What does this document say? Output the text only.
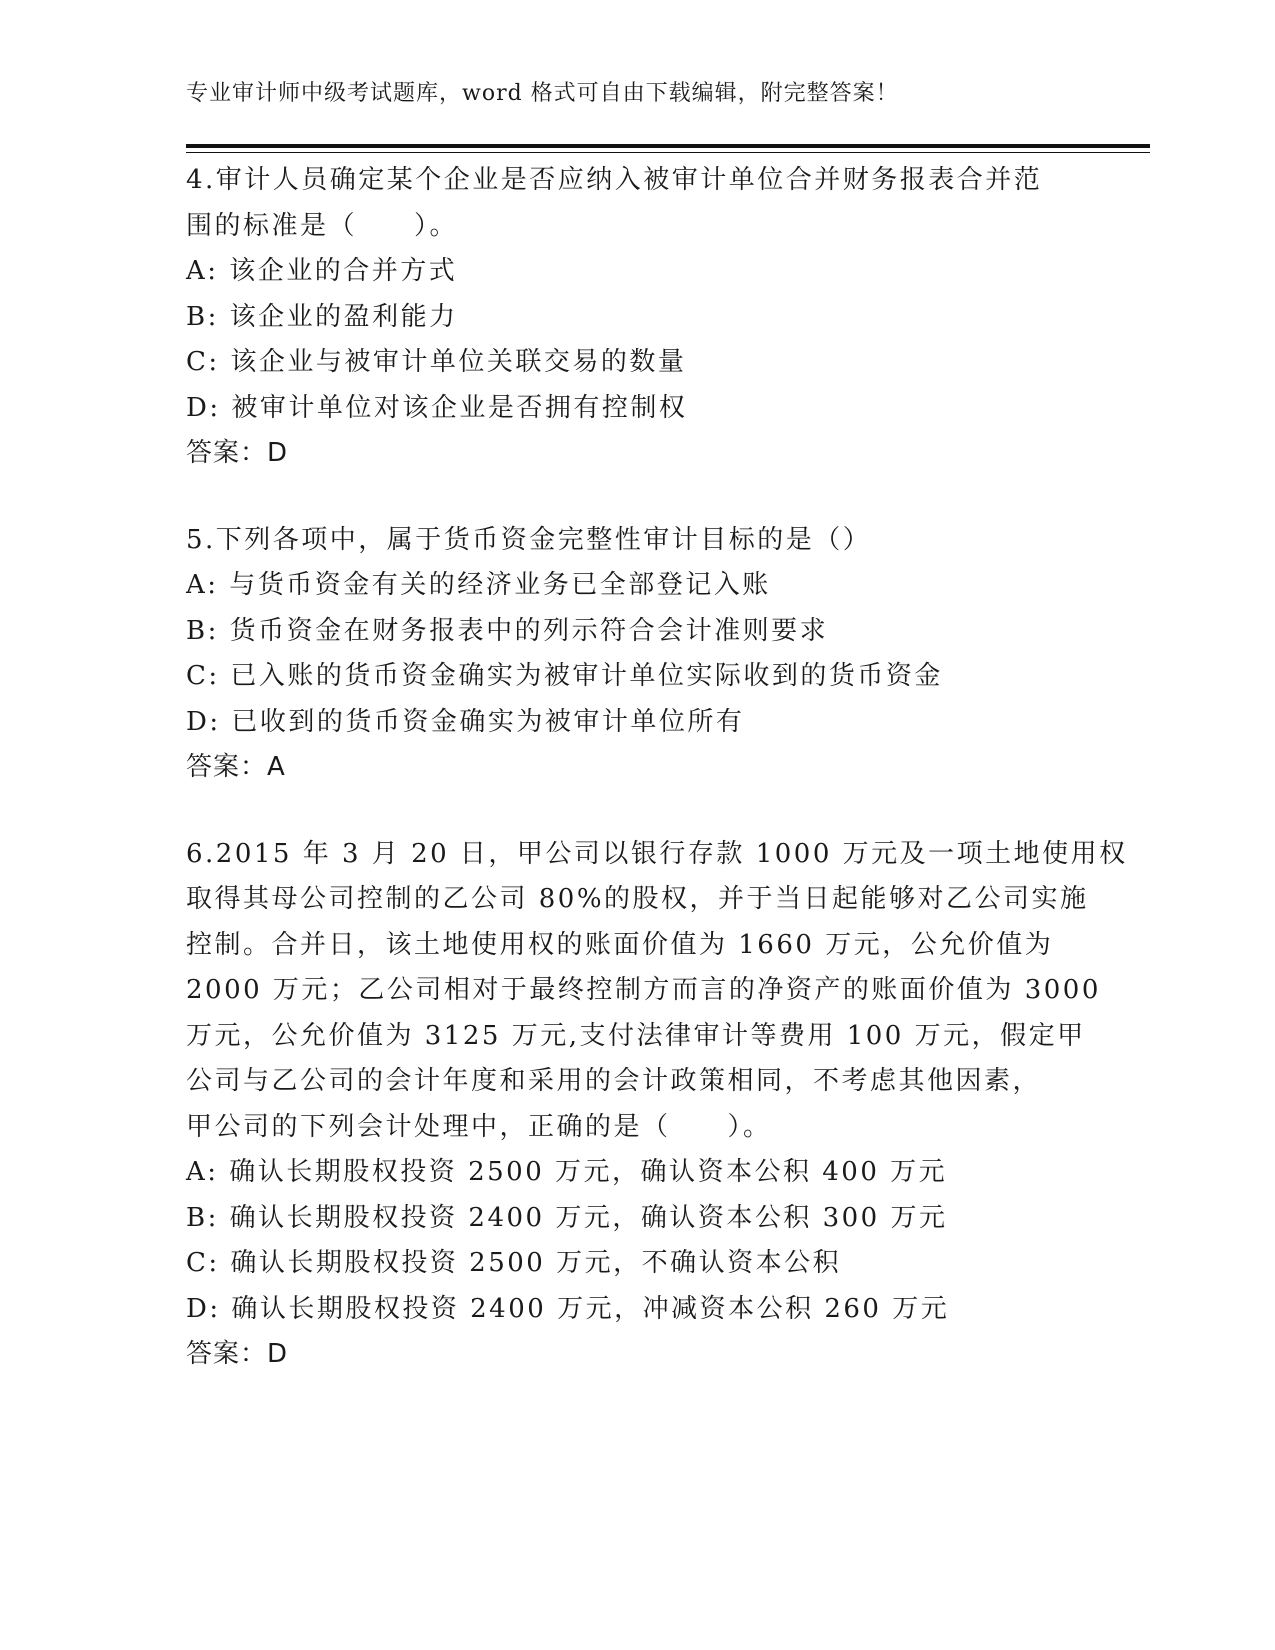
专业审计师中级考试题库，word 格式可自由下载编辑，附完整答案！
4.审计人员确定某个企业是否应纳入被审计单位合并财务报表合并范
围的标准是（　　）。
A: 该企业的合并方式
B: 该企业的盈利能力
C: 该企业与被审计单位关联交易的数量
D: 被审计单位对该企业是否拥有控制权
答案：D
5.下列各项中，属于货币资金完整性审计目标的是（）
A: 与货币资金有关的经济业务已全部登记入账
B: 货币资金在财务报表中的列示符合会计准则要求
C: 已入账的货币资金确实为被审计单位实际收到的货币资金
D: 已收到的货币资金确实为被审计单位所有
答案：A
6.2015 年 3 月 20 日，甲公司以银行存款 1000 万元及一项土地使用权
取得其母公司控制的乙公司 80%的股权，并于当日起能够对乙公司实施
控制。合并日，该土地使用权的账面价值为 1660 万元，公允价值为
2000 万元；乙公司相对于最终控制方而言的净资产的账面价值为 3000
万元，公允价值为 3125 万元,支付法律审计等费用 100 万元，假定甲
公司与乙公司的会计年度和采用的会计政策相同，不考虑其他因素，
甲公司的下列会计处理中，正确的是（　　）。
A: 确认长期股权投资 2500 万元，确认资本公积 400 万元
B: 确认长期股权投资 2400 万元，确认资本公积 300 万元
C: 确认长期股权投资 2500 万元，不确认资本公积
D: 确认长期股权投资 2400 万元，冲减资本公积 260 万元
答案：D
